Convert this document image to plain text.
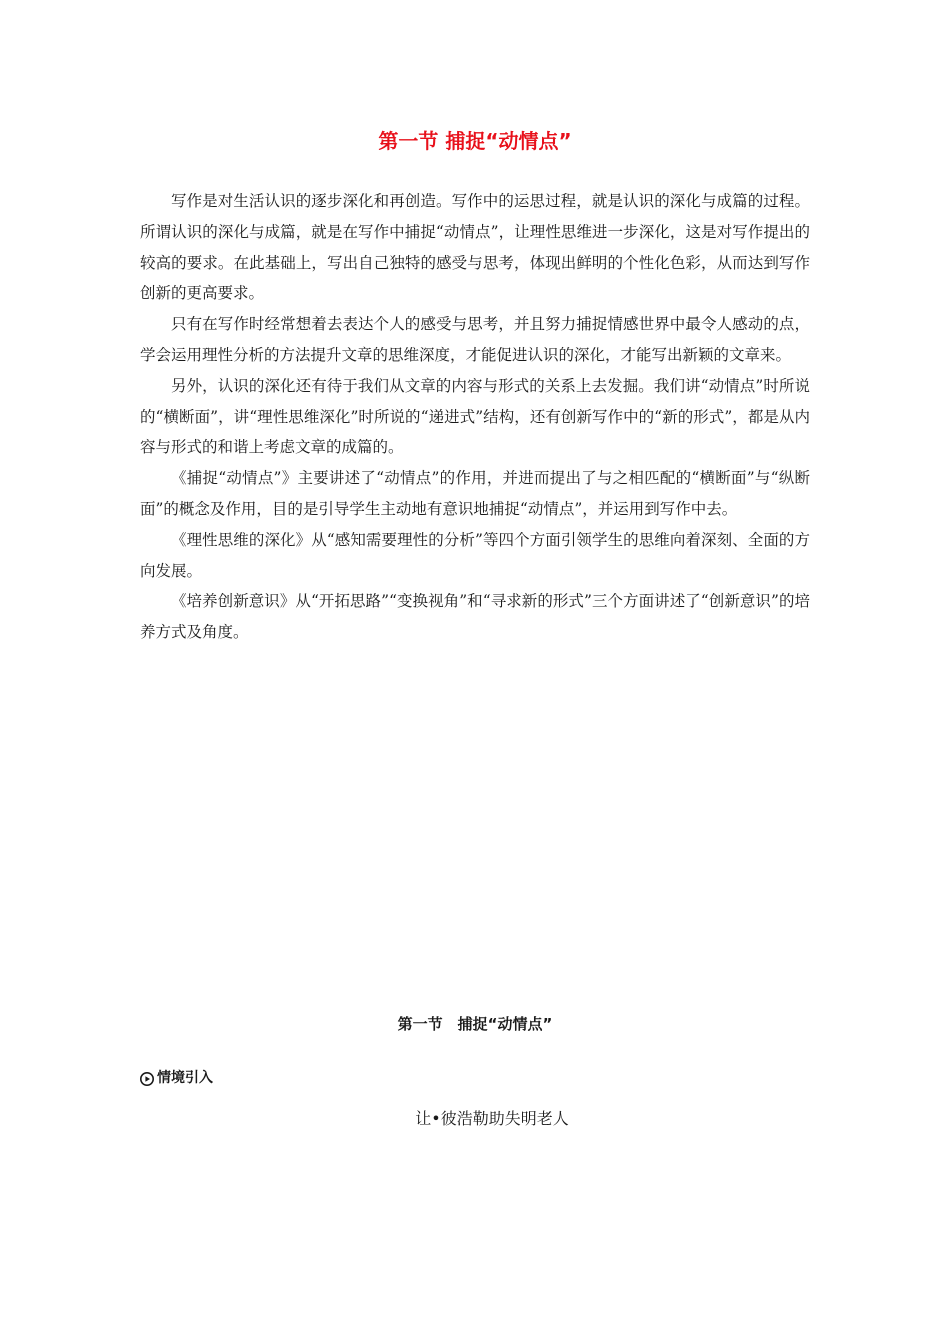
第一节 捕捉“动情点”

写作是对生活认识的逐步深化和再创造。写作中的运思过程，就是认识的深化与成篇的过程。所谓认识的深化与成篇，就是在写作中捕捉“动情点”，让理性思维进一步深化，这是对写作提出的较高的要求。在此基础上，写出自己独特的感受与思考，体现出鲜明的个性化色彩，从而达到写作创新的更高要求。

只有在写作时经常想着去表达个人的感受与思考，并且努力捕捉情感世界中最令人感动的点，学会运用理性分析的方法提升文章的思维深度，才能促进认识的深化，才能写出新颖的文章来。

另外，认识的深化还有待于我们从文章的内容与形式的关系上去发掘。我们讲“动情点”时所说的“横断面”，讲“理性思维深化”时所说的“递进式”结构，还有创新写作中的“新的形式”，都是从内容与形式的和谐上考虑文章的成篇的。

《捕捉“动情点”》主要讲述了“动情点”的作用，并进而提出了与之相匹配的“横断面”与“纵断面”的概念及作用，目的是引导学生主动地有意识地捕捉“动情点”，并运用到写作中去。

《理性思维的深化》从“感知需要理性的分析”等四个方面引领学生的思维向着深刻、全面的方向发展。

《培养创新意识》从“开拓思路”“变换视角”和“寻求新的形式”三个方面讲述了“创新意识”的培养方式及角度。

第一节　捕捉“动情点”
情境引入
让•彼浩勒助失明老人
